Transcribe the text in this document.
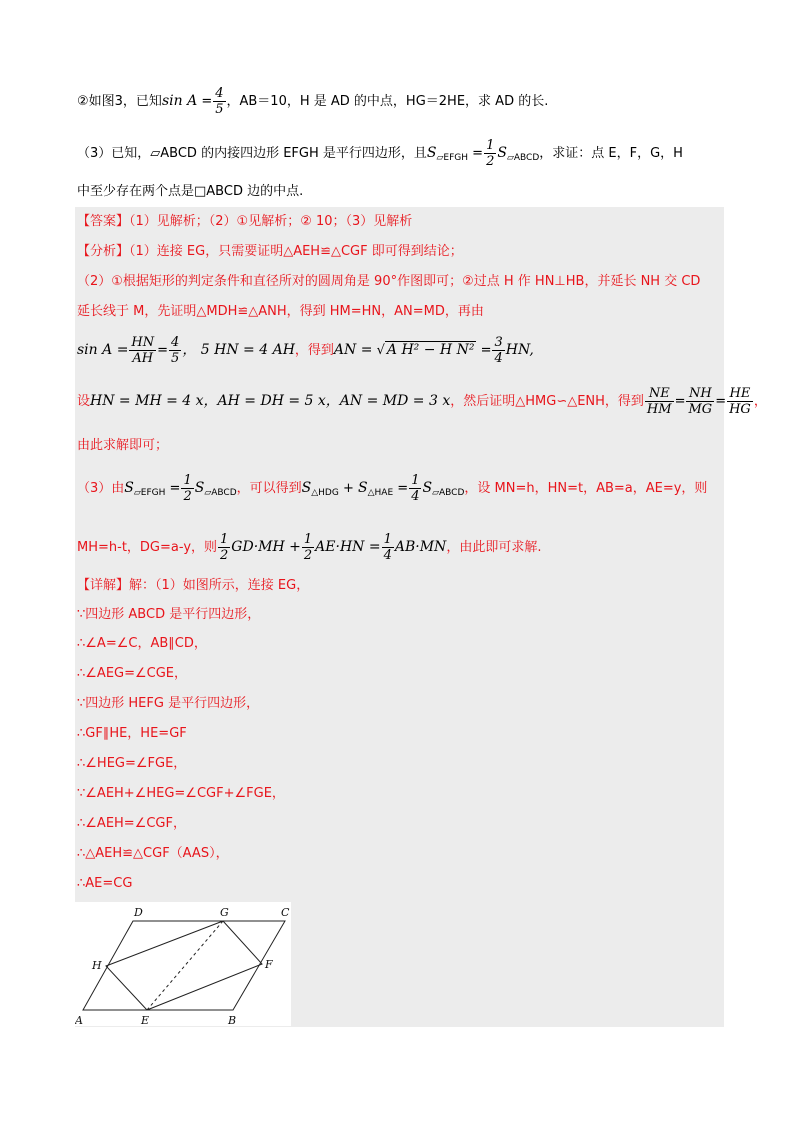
②如图3，已知$\sin A = \frac{4}{5}$ ，AB＝10，H 是 AD 的中点，HG＝2HE，求 AD 的长.
（3）已知，▱ABCD 的内接四边形 EFGH 是平行四边形，且$S_{▱EFGH} = \frac{1}{2} S_{▱ABCD}$，求证：点 E，F，G，H
中至少存在两个点是□ABCD 边的中点.
【答案】（1）见解析；（2）①见解析；② 10；（3）见解析
【分析】（1）连接 EG，只需要证明△AEH≌△CGF 即可得到结论；
（2）①根据矩形的判定条件和直径所对的圆周角是 90°作图即可；②过点 H 作 HN⊥HB，并延长 NH 交 CD
延长线于 M，先证明△MDH≌△ANH，得到 HM=HN，AN=MD，再由
$\sin A = \frac{HN}{AH} = \frac{4}{5}$ ， 5 HN = 4 AH，得到AN = √ A H² − H $N^2 = \frac{3}{4}$ HN,
设HN = MH = 4 x，AH = DH = 5 x，AN = MD = 3 x，然后证明△HMG∽△ENH，得到 $\frac{NE}{HM} = \frac{NH}{MG} = \frac{HE}{HG}$ ，
由此求解即可；
（3）由$S_{▱EFGH} = \frac{1}{2} S_{▱ABCD}$，可以得到$S_{\triangle HDG} + S_{\triangle HAE} = \frac{1}{4} S_{▱ABCD}$，设 MN=h，HN=t，AB=a，AE=y，则
MH=h-t，DG=a-y，则 $\frac{1}{2} GD\cdot MH + \frac{1}{2} AE\cdot HN = \frac{1}{4} AB\cdot MN$，由此即可求解.
【详解】解：（1）如图所示，连接 EG，
∵四边形 ABCD 是平行四边形，
∴∠A=∠C，AB∥CD，
∴∠AEG=∠CGE，
∵四边形 HEFG 是平行四边形，
∴GF∥HE，HE=GF
∴∠HEG=∠FGE，
∵∠AEH+∠HEG=∠CGF+∠FGE，
∴∠AEH=∠CGF，
∴△AEH≌△CGF（AAS），
∴AE=CG
A	E	B
D	G	C
H	F
